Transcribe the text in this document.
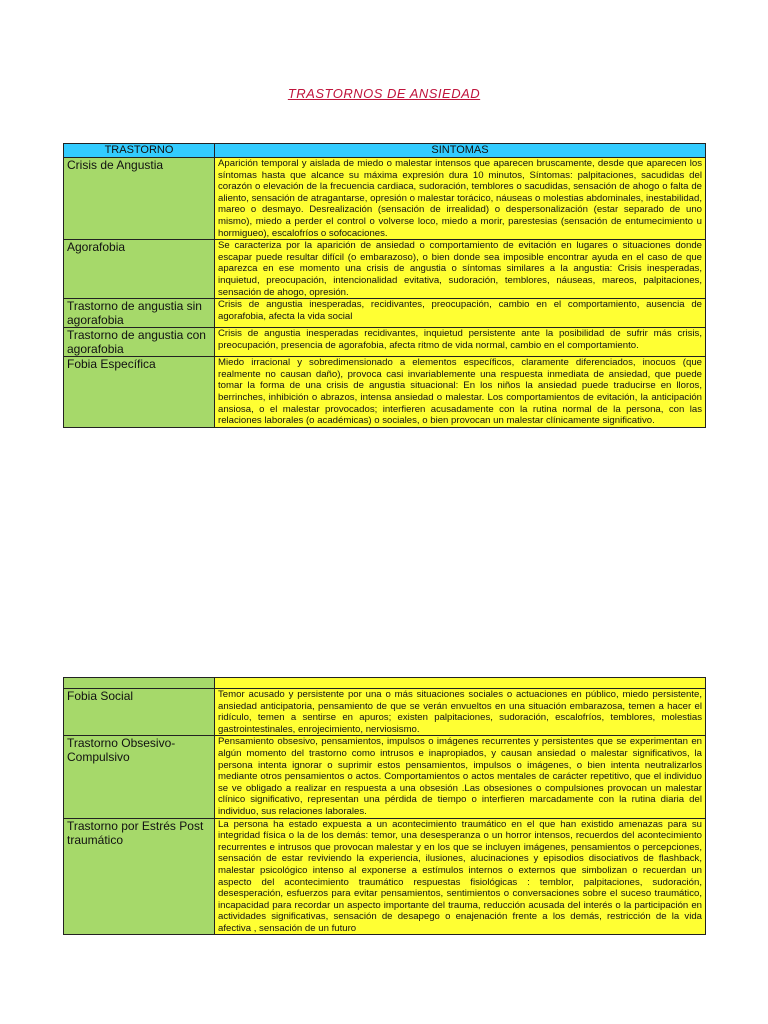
TRASTORNOS DE ANSIEDAD
TRASTORNO	SINTOMAS
Crisis de Angustia	Aparición temporal y aislada de miedo o malestar intensos que aparecen bruscamente, desde que aparecen los síntomas hasta que alcance su máxima expresión dura 10 minutos, Síntomas: palpitaciones, sacudidas del corazón o elevación de la frecuencia cardiaca, sudoración, temblores o sacudidas, sensación de ahogo o falta de aliento, sensación de atragantarse, opresión o malestar torácico, náuseas o molestias abdominales, inestabilidad, mareo o desmayo. Desrealización (sensación de irrealidad) o despersonalización (estar separado de uno mismo), miedo a perder el control o volverse loco, miedo a morir, parestesias (sensación de entumecimiento u hormigueo), escalofríos o sofocaciones.
Agorafobia	Se caracteriza por la aparición de ansiedad o comportamiento de evitación en lugares o situaciones donde escapar puede resultar difícil (o embarazoso), o bien donde sea imposible encontrar ayuda en el caso de que aparezca en ese momento una crisis de angustia o síntomas similares a la angustia: Crisis inesperadas, inquietud, preocupación, intencionalidad evitativa, sudoración, temblores, náuseas, mareos, palpitaciones, sensación de ahogo, opresión.
Trastorno de angustia sin agorafobia	Crisis de angustia inesperadas, recidivantes, preocupación, cambio en el comportamiento, ausencia de agorafobia, afecta la vida social
Trastorno de angustia con agorafobia	Crisis de angustia inesperadas recidivantes, inquietud persistente ante la posibilidad de sufrir más crisis, preocupación, presencia de agorafobia, afecta ritmo de vida normal, cambio en el comportamiento.
Fobia Específica	Miedo irracional y sobredimensionado a elementos específicos, claramente diferenciados, inocuos (que realmente no causan daño), provoca casi invariablemente una respuesta inmediata de ansiedad, que puede tomar la forma de una crisis de angustia situacional: En los niños la ansiedad puede traducirse en lloros, berrinches, inhibición o abrazos, intensa ansiedad o malestar. Los comportamientos de evitación, la anticipación ansiosa, o el malestar provocados; interfieren acusadamente con la rutina normal de la persona, con las relaciones laborales (o académicas) o sociales, o bien provocan un malestar clínicamente significativo.

Fobia Social	Temor acusado y persistente por una o más situaciones sociales o actuaciones en público, miedo persistente, ansiedad anticipatoria, pensamiento de que se verán envueltos en una situación embarazosa, temen a hacer el ridículo, temen a sentirse en apuros; existen palpitaciones, sudoración, escalofríos, temblores, molestias gastrointestinales, enrojecimiento, nerviosismo.
Trastorno Obsesivo-Compulsivo	Pensamiento obsesivo, pensamientos, impulsos o imágenes recurrentes y persistentes que se experimentan en algún momento del trastorno como intrusos e inapropiados, y causan ansiedad o malestar significativos, la persona intenta ignorar o suprimir estos pensamientos, impulsos o imágenes, o bien intenta neutralizarlos mediante otros pensamientos o actos. Comportamientos o actos mentales de carácter repetitivo, que el individuo se ve obligado a realizar en respuesta a una obsesión .Las obsesiones o compulsiones provocan un malestar clínico significativo, representan una pérdida de tiempo o interfieren marcadamente con la rutina diaria del individuo, sus relaciones laborales.
Trastorno por Estrés Post traumático	La persona ha estado expuesta a un acontecimiento traumático en el que han existido amenazas para su integridad física o la de los demás: temor, una desesperanza o un horror intensos, recuerdos del acontecimiento recurrentes e intrusos que provocan malestar y en los que se incluyen imágenes, pensamientos o percepciones, sensación de estar reviviendo la experiencia, ilusiones, alucinaciones y episodios disociativos de flashback, malestar psicológico intenso al exponerse a estímulos internos o externos que simbolizan o recuerdan un aspecto del acontecimiento traumático respuestas fisiológicas : temblor, palpitaciones, sudoración, desesperación, esfuerzos para evitar pensamientos, sentimientos o conversaciones sobre el suceso traumático, incapacidad para recordar un aspecto importante del trauma, reducción acusada del interés o la participación en actividades significativas, sensación de desapego o enajenación frente a los demás, restricción de la vida afectiva , sensación de un futuro
